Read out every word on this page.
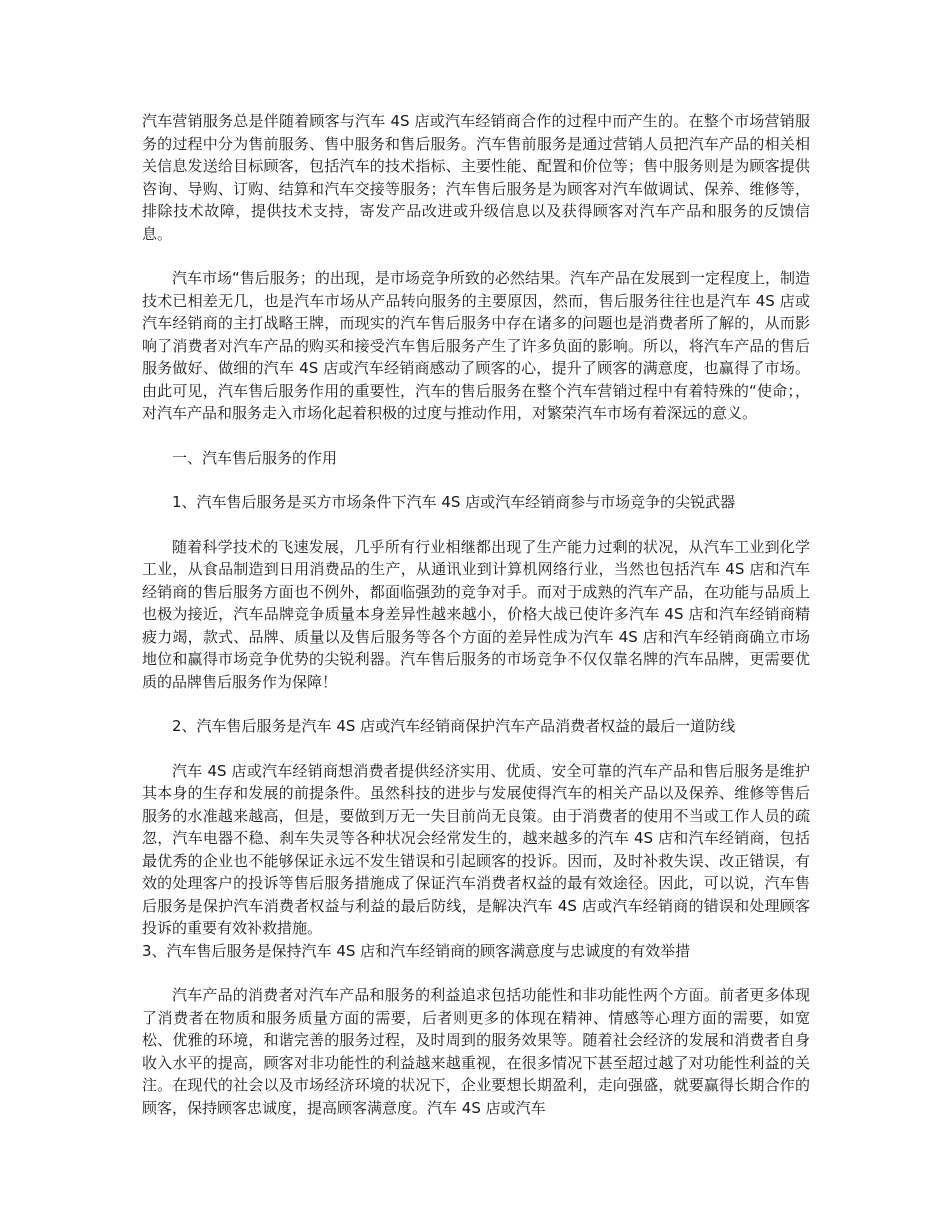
汽车营销服务总是伴随着顾客与汽车 4S 店或汽车经销商合作的过程中而产生的。在整个市场营销服务的过程中分为售前服务、售中服务和售后服务。汽车售前服务是通过营销人员把汽车产品的相关相关信息发送给目标顾客，包括汽车的技术指标、主要性能、配置和价位等；售中服务则是为顾客提供咨询、导购、订购、结算和汽车交接等服务；汽车售后服务是为顾客对汽车做调试、保养、维修等，排除技术故障，提供技术支持，寄发产品改进或升级信息以及获得顾客对汽车产品和服务的反馈信息。

汽车市场“售后服务；的出现，是市场竞争所致的必然结果。汽车产品在发展到一定程度上，制造技术已相差无几，也是汽车市场从产品转向服务的主要原因，然而，售后服务往往也是汽车 4S 店或汽车经销商的主打战略王牌，而现实的汽车售后服务中存在诸多的问题也是消费者所了解的，从而影响了消费者对汽车产品的购买和接受汽车售后服务产生了许多负面的影响。所以，将汽车产品的售后服务做好、做细的汽车 4S 店或汽车经销商感动了顾客的心，提升了顾客的满意度，也赢得了市场。由此可见，汽车售后服务作用的重要性，汽车的售后服务在整个汽车营销过程中有着特殊的“使命；，对汽车产品和服务走入市场化起着积极的过度与推动作用，对繁荣汽车市场有着深远的意义。

一、汽车售后服务的作用

1、汽车售后服务是买方市场条件下汽车 4S 店或汽车经销商参与市场竞争的尖锐武器

随着科学技术的飞速发展，几乎所有行业相继都出现了生产能力过剩的状况，从汽车工业到化学工业，从食品制造到日用消费品的生产，从通讯业到计算机网络行业，当然也包括汽车 4S 店和汽车经销商的售后服务方面也不例外，都面临强劲的竞争对手。而对于成熟的汽车产品，在功能与品质上也极为接近，汽车品牌竞争质量本身差异性越来越小，价格大战已使许多汽车 4S 店和汽车经销商精疲力竭，款式、品牌、质量以及售后服务等各个方面的差异性成为汽车 4S 店和汽车经销商确立市场地位和赢得市场竞争优势的尖锐利器。汽车售后服务的市场竞争不仅仅靠名牌的汽车品牌，更需要优质的品牌售后服务作为保障！

2、汽车售后服务是汽车 4S 店或汽车经销商保护汽车产品消费者权益的最后一道防线

汽车 4S 店或汽车经销商想消费者提供经济实用、优质、安全可靠的汽车产品和售后服务是维护其本身的生存和发展的前提条件。虽然科技的进步与发展使得汽车的相关产品以及保养、维修等售后服务的水准越来越高，但是，要做到万无一失目前尚无良策。由于消费者的使用不当或工作人员的疏忽，汽车电器不稳、刹车失灵等各种状况会经常发生的，越来越多的汽车 4S 店和汽车经销商，包括最优秀的企业也不能够保证永远不发生错误和引起顾客的投诉。因而，及时补救失误、改正错误，有效的处理客户的投诉等售后服务措施成了保证汽车消费者权益的最有效途径。因此，可以说，汽车售后服务是保护汽车消费者权益与利益的最后防线，是解决汽车 4S 店或汽车经销商的错误和处理顾客投诉的重要有效补救措施。

3、汽车售后服务是保持汽车 4S 店和汽车经销商的顾客满意度与忠诚度的有效举措

汽车产品的消费者对汽车产品和服务的利益追求包括功能性和非功能性两个方面。前者更多体现了消费者在物质和服务质量方面的需要，后者则更多的体现在精神、情感等心理方面的需要，如宽松、优雅的环境，和谐完善的服务过程，及时周到的服务效果等。随着社会经济的发展和消费者自身收入水平的提高，顾客对非功能性的利益越来越重视，在很多情况下甚至超过越了对功能性利益的关注。在现代的社会以及市场经济环境的状况下，企业要想长期盈利，走向强盛，就要赢得长期合作的顾客，保持顾客忠诚度，提高顾客满意度。汽车 4S 店或汽车
